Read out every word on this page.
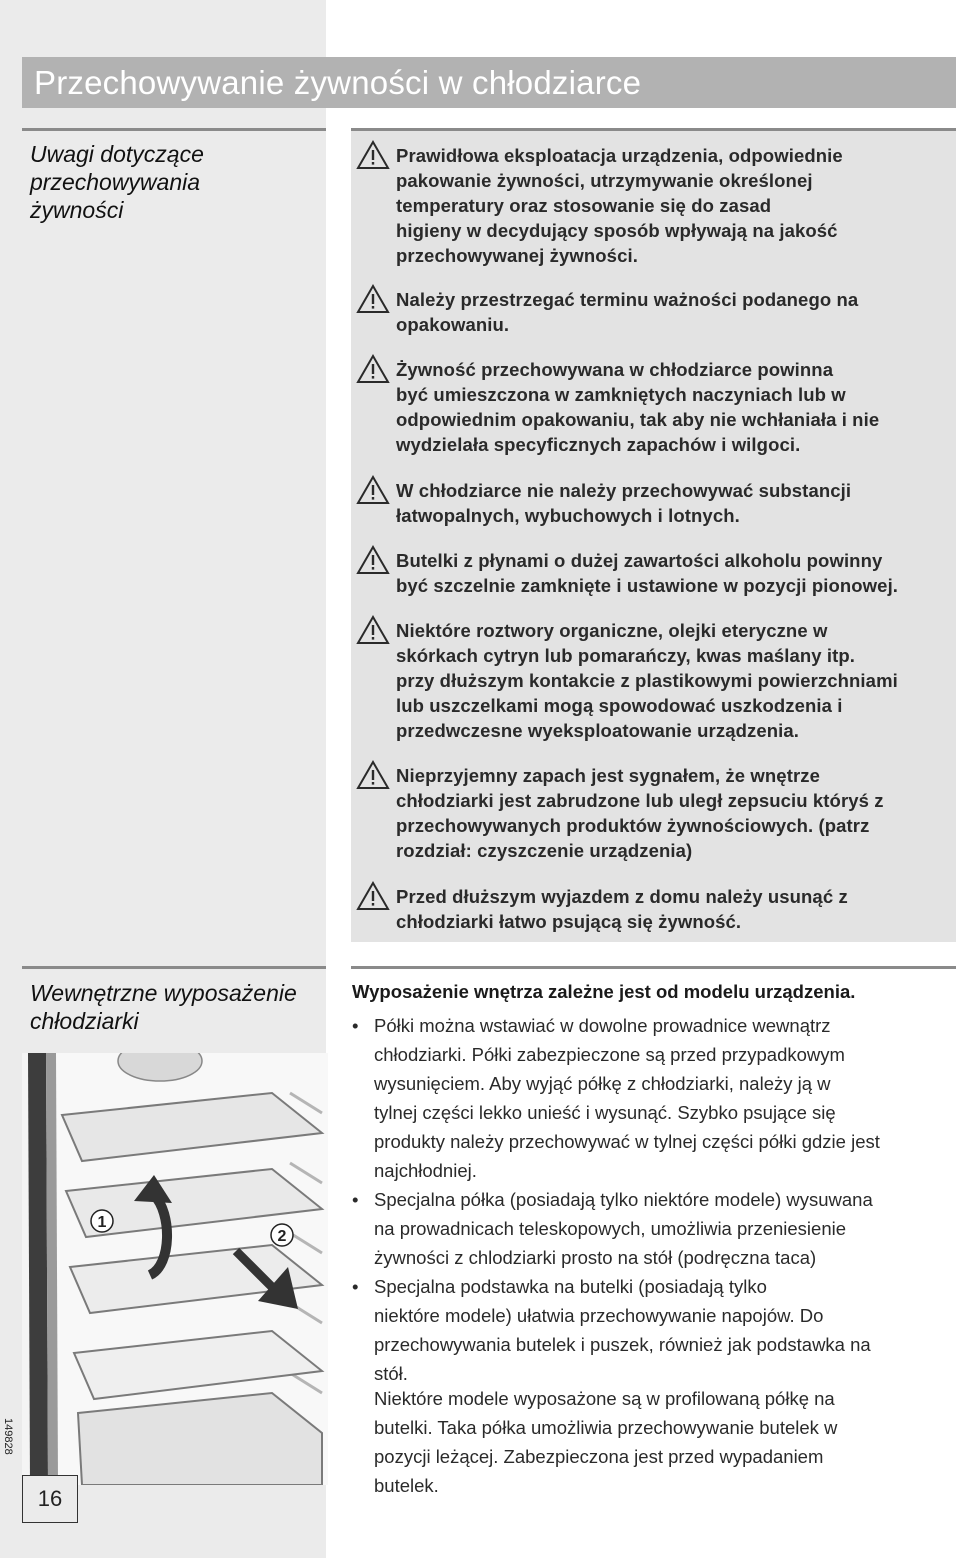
Przechowywanie żywności w chłodziarce
Uwagi dotyczące
przechowywania
żywności
Prawidłowa eksploatacja urządzenia, odpowiednie
pakowanie żywności, utrzymywanie określonej
temperatury oraz stosowanie się do zasad
higieny w decydujący sposób wpływają na jakość
przechowywanej żywności.
Należy przestrzegać terminu ważności podanego na
opakowaniu.
Żywność przechowywana w chłodziarce powinna
być umieszczona w zamkniętych naczyniach lub w
odpowiednim opakowaniu, tak aby nie wchłaniała i nie
wydzielała specyficznych zapachów i wilgoci.
W chłodziarce nie należy przechowywać substancji
łatwopalnych, wybuchowych i lotnych.
Butelki z płynami o dużej zawartości alkoholu powinny
być szczelnie zamknięte i ustawione w pozycji pionowej.
Niektóre roztwory organiczne, olejki eteryczne w
skórkach cytryn lub pomarańczy, kwas maślany itp.
przy dłuższym kontakcie z plastikowymi powierzchniami
lub uszczelkami mogą spowodować uszkodzenia i
przedwczesne wyeksploatowanie urządzenia.
Nieprzyjemny zapach jest sygnałem, że wnętrze
chłodziarki jest zabrudzone lub uległ zepsuciu któryś z
przechowywanych produktów żywnościowych. (patrz
rozdział: czyszczenie urządzenia)
Przed dłuższym wyjazdem z domu należy usunąć z
chłodziarki łatwo psującą się żywność.
Wewnętrzne wyposażenie
chłodziarki
Wyposażenie wnętrza zależne jest od modelu urządzenia.
• Półki można wstawiać w dowolne prowadnice wewnątrz
chłodziarki. Półki zabezpieczone są przed przypadkowym
wysunięciem. Aby wyjąć półkę z chłodziarki, należy ją w
tylnej części lekko unieść i wysunąć. Szybko psujące się
produkty należy przechowywać w tylnej części półki gdzie jest
najchłodniej.
• Specjalna półka (posiadają tylko niektóre modele) wysuwana
na prowadnicach teleskopowych, umożliwia przeniesienie
żywności z chlodziarki prosto na stół (podręczna taca)
• Specjalna podstawka na butelki (posiadają tylko
niektóre modele) ułatwia przechowywanie napojów. Do
przechowywania butelek i puszek, również jak podstawka na
stół.
Niektóre modele wyposażone są w profilowaną półkę na
butelki. Taka półka umożliwia przechowywanie butelek w
pozycji leżącej. Zabezpieczona jest przed wypadaniem
butelek.
1
2
16
149828
